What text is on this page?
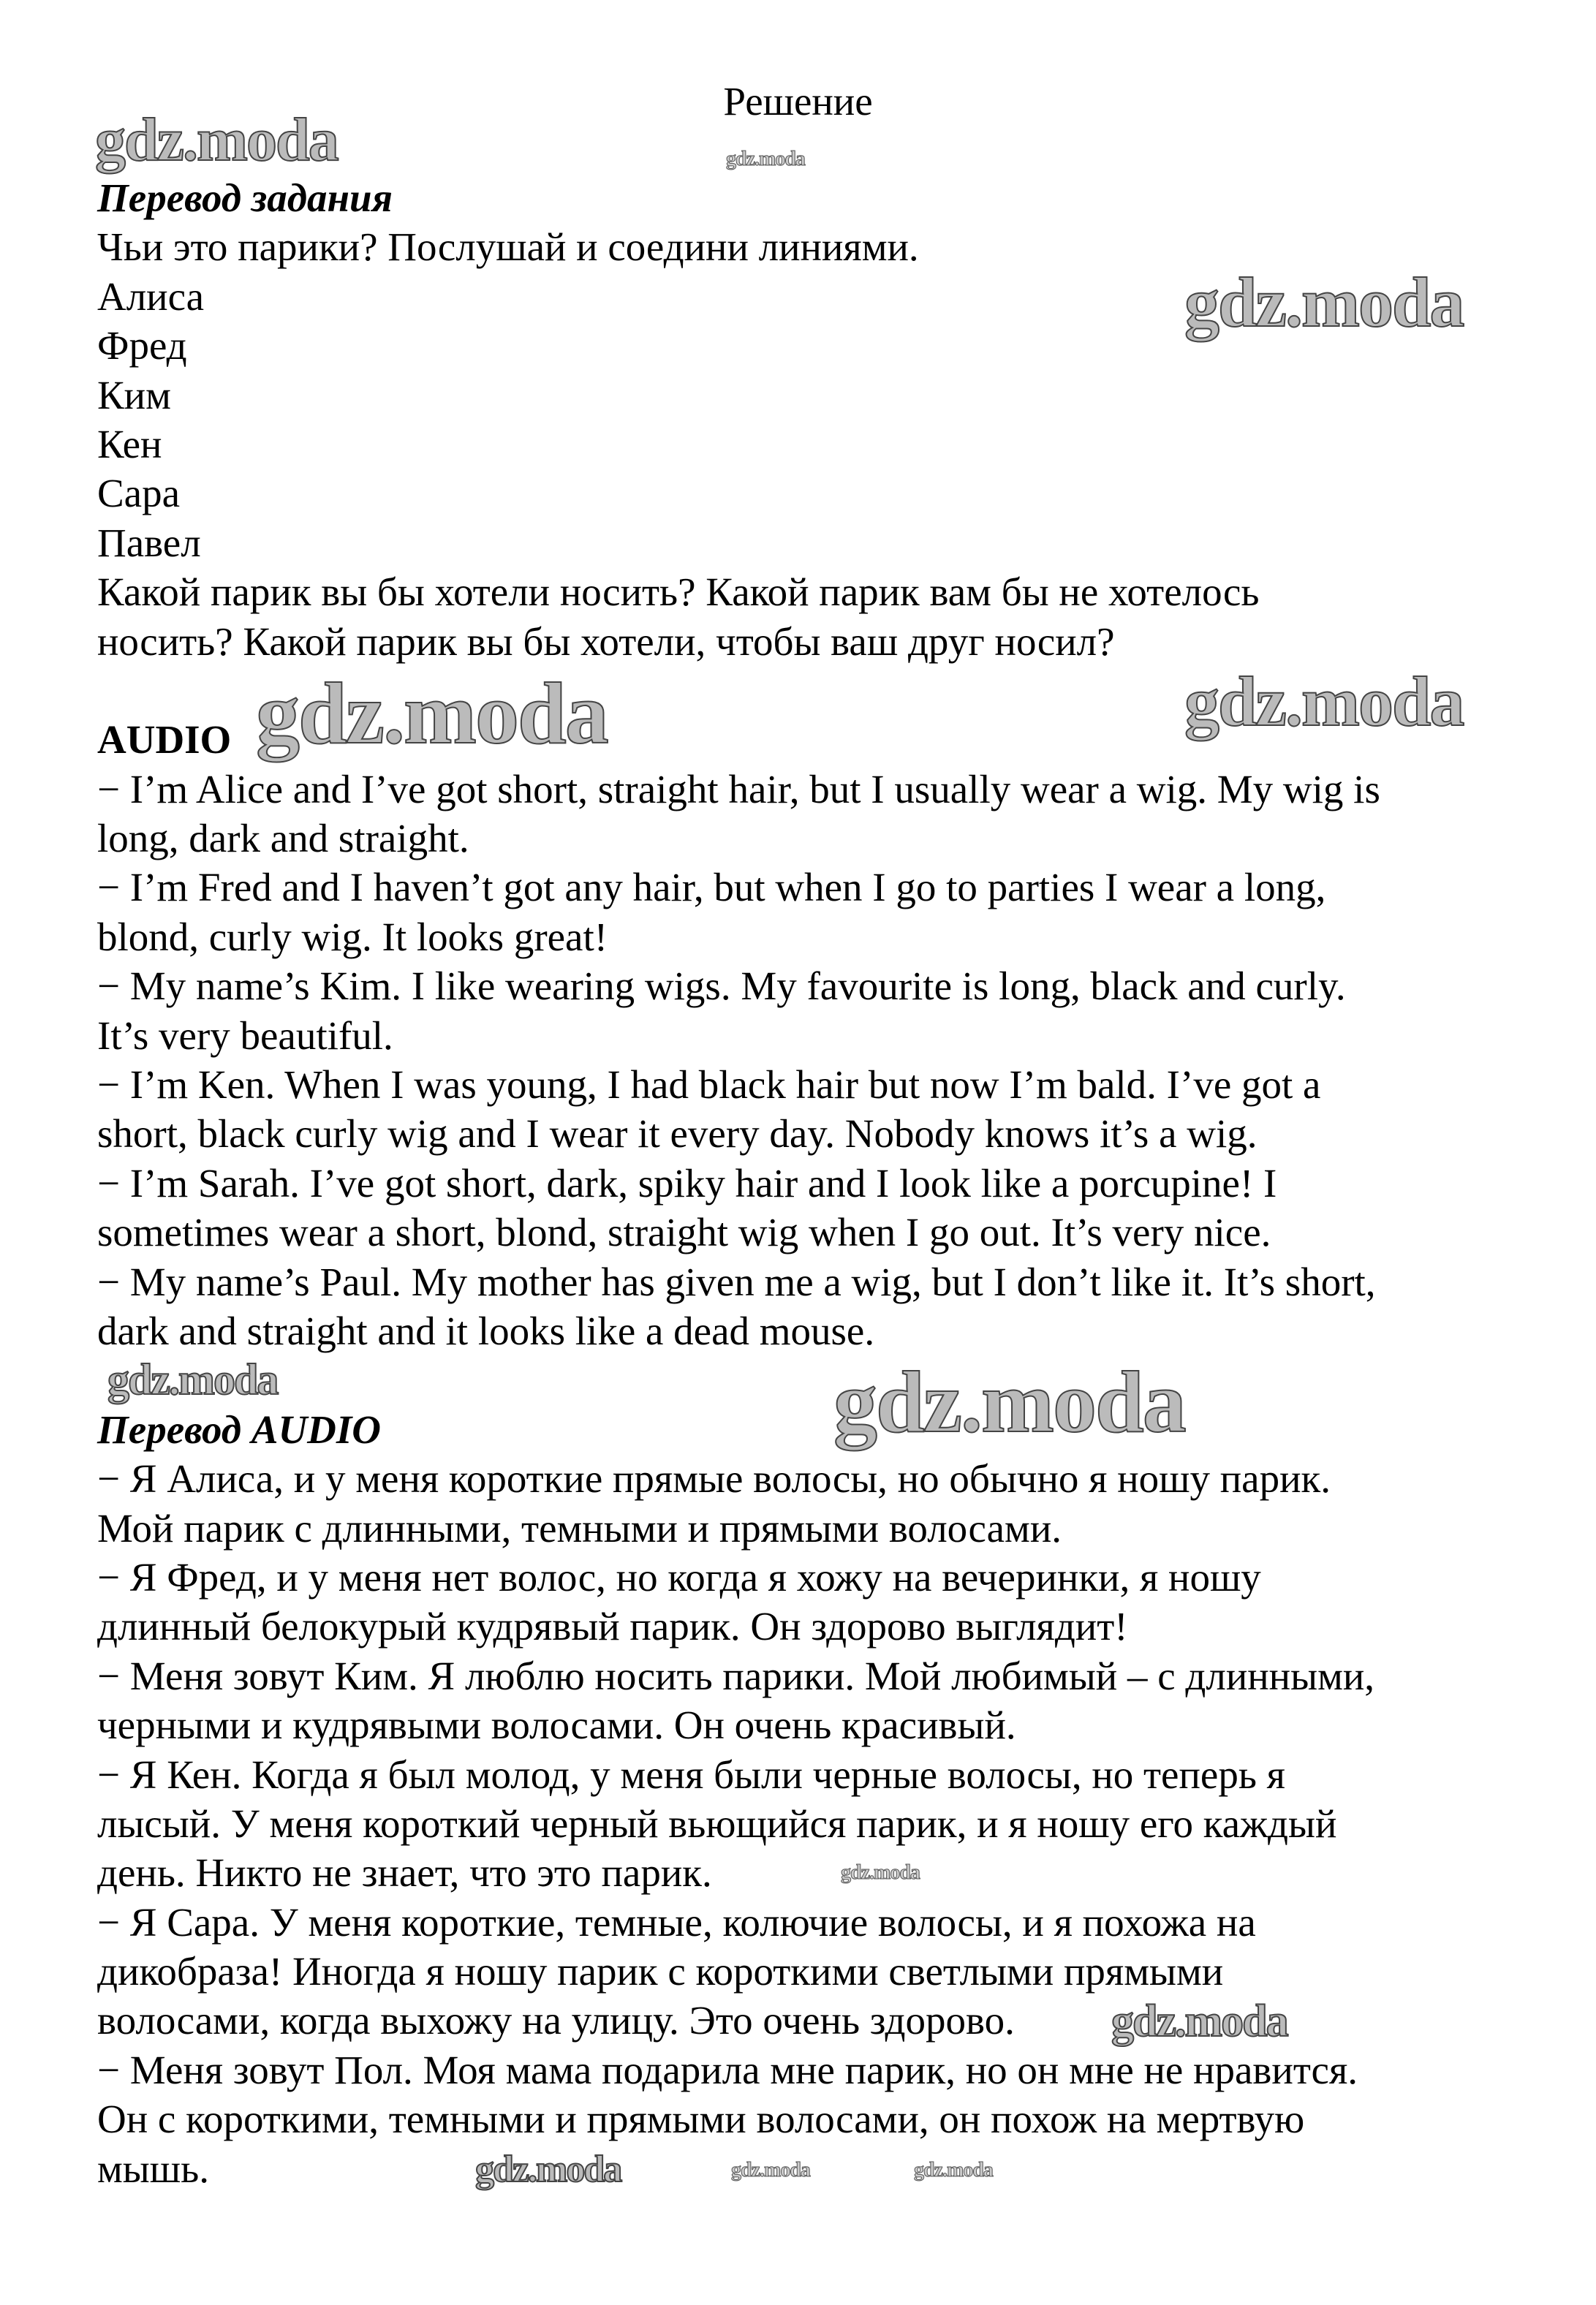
Решение
Перевод задания
Чьи это парики? Послушай и соедини линиями.
Алиса
Фред
Ким
Кен
Сара
Павел
Какой парик вы бы хотели носить? Какой парик вам бы не хотелось
носить? Какой парик вы бы хотели, чтобы ваш друг носил?
AUDIO
− I’m Alice and I’ve got short, straight hair, but I usually wear a wig. My wig is
long, dark and straight.
− I’m Fred and I haven’t got any hair, but when I go to parties I wear a long,
blond, curly wig. It looks great!
− My name’s Kim. I like wearing wigs. My favourite is long, black and curly.
It’s very beautiful.
− I’m Ken. When I was young, I had black hair but now I’m bald. I’ve got a
short, black curly wig and I wear it every day. Nobody knows it’s a wig.
− I’m Sarah. I’ve got short, dark, spiky hair and I look like a porcupine! I
sometimes wear a short, blond, straight wig when I go out. It’s very nice.
− My name’s Paul. My mother has given me a wig, but I don’t like it. It’s short,
dark and straight and it looks like a dead mouse.
Перевод AUDIO
− Я Алиса, и у меня короткие прямые волосы, но обычно я ношу парик.
Мой парик с длинными, темными и прямыми волосами.
− Я Фред, и у меня нет волос, но когда я хожу на вечеринки, я ношу
длинный белокурый кудрявый парик. Он здорово выглядит!
− Меня зовут Ким. Я люблю носить парики. Мой любимый – с длинными,
черными и кудрявыми волосами. Он очень красивый.
− Я Кен. Когда я был молод, у меня были черные волосы, но теперь я
лысый. У меня короткий черный вьющийся парик, и я ношу его каждый
день. Никто не знает, что это парик.
− Я Сара. У меня короткие, темные, колючие волосы, и я похожа на
дикобраза! Иногда я ношу парик с короткими светлыми прямыми
волосами, когда выхожу на улицу. Это очень здорово.
− Меня зовут Пол. Моя мама подарила мне парик, но он мне не нравится.
Он с короткими, темными и прямыми волосами, он похож на мертвую
мышь.
gdz.moda	gdz.moda
gdz.moda
gdz.moda	gdz.moda
gdz.moda	gdz.moda
gdz.moda
gdz.moda
gdz.moda	gdz.moda	gdz.moda
